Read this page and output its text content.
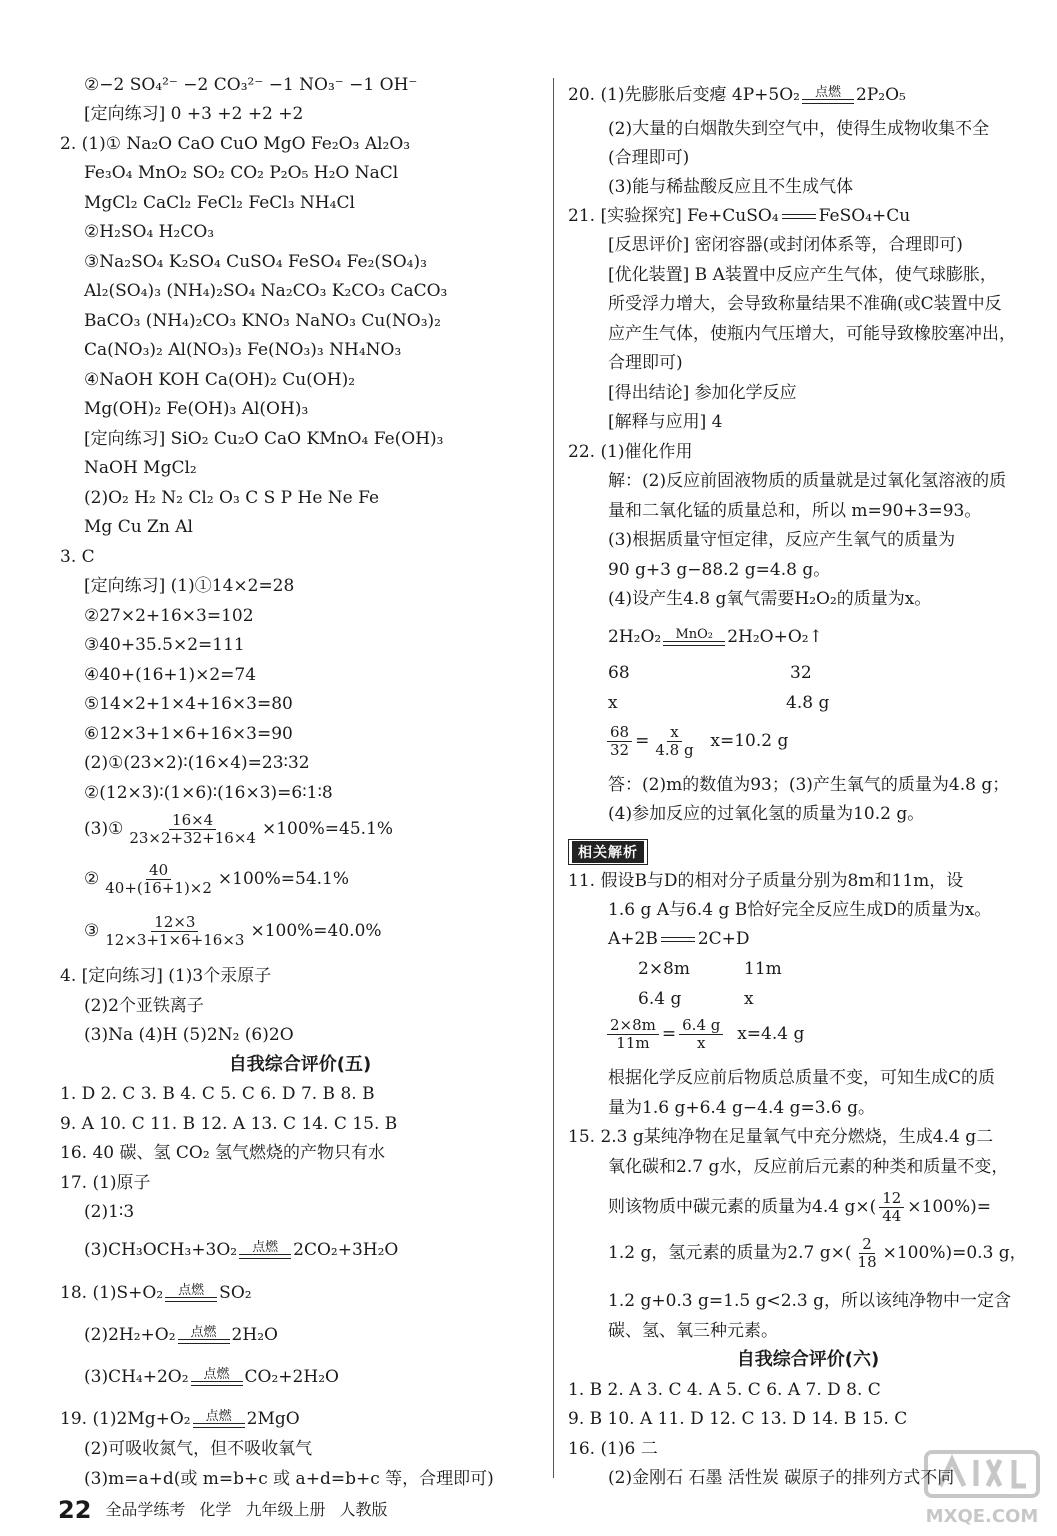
②−2 SO₄²⁻ −2 CO₃²⁻ −1 NO₃⁻ −1 OH⁻
[定向练习] 0 +3 +2 +2 +2
2. (1)① Na₂O CaO CuO MgO Fe₂O₃ Al₂O₃
Fe₃O₄ MnO₂ SO₂ CO₂ P₂O₅ H₂O NaCl
MgCl₂ CaCl₂ FeCl₂ FeCl₃ NH₄Cl
②H₂SO₄ H₂CO₃
③Na₂SO₄ K₂SO₄ CuSO₄ FeSO₄ Fe₂(SO₄)₃
Al₂(SO₄)₃ (NH₄)₂SO₄ Na₂CO₃ K₂CO₃ CaCO₃
BaCO₃ (NH₄)₂CO₃ KNO₃ NaNO₃ Cu(NO₃)₂
Ca(NO₃)₂ Al(NO₃)₃ Fe(NO₃)₃ NH₄NO₃
④NaOH KOH Ca(OH)₂ Cu(OH)₂
Mg(OH)₂ Fe(OH)₃ Al(OH)₃
[定向练习] SiO₂ Cu₂O CaO KMnO₄ Fe(OH)₃
NaOH MgCl₂
(2)O₂ H₂ N₂ Cl₂ O₃ C S P He Ne Fe
Mg Cu Zn Al
3. C
[定向练习] (1)①14×2=28
②27×2+16×3=102
③40+35.5×2=111
④40+(16+1)×2=74
⑤14×2+1×4+16×3=80
⑥12×3+1×6+16×3=90
(2)①(23×2)∶(16×4)=23∶32
②(12×3)∶(1×6)∶(16×3)=6∶1∶8
(3)① $\frac{16\times 4}{23\times 2+32+16\times 4} \times 100\%=45.1\%$
② $\frac{40}{40+(16+1)\times 2} \times 100\%=54.1\%$
③ $\frac{12\times 3}{12\times 3+1\times 6+16\times 3} \times 100\%=40.0\%$
4. [定向练习] (1)3个汞原子
(2)2个亚铁离子
(3)Na (4)H (5)2N₂ (6)2O
自我综合评价(五)
1. D 2. C 3. B 4. C 5. C 6. D 7. B 8. B
9. A 10. C 11. B 12. A 13. C 14. C 15. B
16. 40 碳、氢 CO₂ 氢气燃烧的产物只有水
17. (1)原子
(2)1∶3
(3)CH₃OCH₃+3O₂ 点燃 2CO₂+3H₂O
18. (1)S+O₂ 点燃 SO₂
(2)2H₂+O₂ 点燃 2H₂O
(3)CH₄+2O₂ 点燃 CO₂+2H₂O
19. (1)2Mg+O₂ 点燃 2MgO
(2)可吸收氮气，但不吸收氧气
(3)m=a+d(或 m=b+c 或 a+d=b+c 等，合理即可)
20. (1)先膨胀后变瘪 4P+5O₂ 点燃 2P₂O₅
(2)大量的白烟散失到空气中，使得生成物收集不全
(合理即可)
(3)能与稀盐酸反应且不生成气体
21. [实验探究] Fe+CuSO₄ FeSO₄+Cu
[反思评价] 密闭容器(或封闭体系等，合理即可)
[优化装置] B A装置中反应产生气体，使气球膨胀，
所受浮力增大，会导致称量结果不准确(或C装置中反
应产生气体，使瓶内气压增大，可能导致橡胶塞冲出，
合理即可)
[得出结论] 参加化学反应
[解释与应用] 4
22. (1)催化作用
解：(2)反应前固液物质的质量就是过氧化氢溶液的质
量和二氧化锰的质量总和，所以 m=90+3=93。
(3)根据质量守恒定律，反应产生氧气的质量为
90 g+3 g−88.2 g=4.8 g。
(4)设产生4.8 g氧气需要H₂O₂的质量为x。
2H₂O₂ MnO₂ 2H₂O+O₂↑
68	32
x	4.8 g
$\frac{68}{32} = \frac{x}{4.8 g} x=10.2$ g
答：(2)m的数值为93；(3)产生氧气的质量为4.8 g；
(4)参加反应的过氧化氢的质量为10.2 g。
相关解析
11. 假设B与D的相对分子质量分别为8m和11m，设
1.6 g A与6.4 g B恰好完全反应生成D的质量为x。
A+2B 2C+D
2×8m	11m
6.4 g	x
$\frac{2\times 8m}{11m} = \frac{6.4 g}{x} x=4.4$ g
根据化学反应前后物质总质量不变，可知生成C的质
量为1.6 g+6.4 g−4.4 g=3.6 g。
15. 2.3 g某纯净物在足量氧气中充分燃烧，生成4.4 g二
氧化碳和2.7 g水，反应前后元素的种类和质量不变，
则该物质中碳元素的质量为4.4 $g\times( \frac{12}{44} \times 100\%)=$
1.2 g，氢元素的质量为2.7 $g\times( \frac{2}{18} \times 100\%)=0.3$ g，
1.2 g+0.3 g=1.5 g<2.3 g，所以该纯净物中一定含
碳、氢、氧三种元素。
自我综合评价(六)
1. B 2. A 3. C 4. A 5. C 6. A 7. D 8. C
9. B 10. A 11. D 12. C 13. D 14. B 15. C
16. (1)6 二
(2)金刚石 石墨 活性炭 碳原子的排列方式不同
22 全品学练考 化学 九年级上册 人教版	MXQE.COM
